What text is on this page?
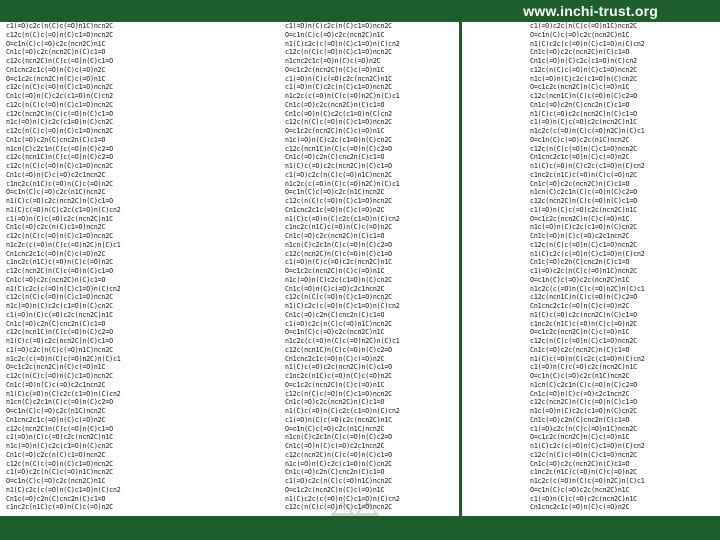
www.inchi-trust.org
c1(=O)c2c(n(C)c(=O)n1C)ncn2C
c12c(n(C)c(=O)n(C)c1=O)ncn2C
O=c1n(C)c(=O)c2c(ncn2C)n1C
Cn1c(=O)c2c(ncn2C)n(C)c1=O
c12c(ncn2C)n(C)c(=O)n(C)c1=O
Cn1cnc2c1c(=O)n(C)c(=O)n2C
O=c1c2c(ncn2C)n(C)c(=O)n1C
c12c(n(C)c(=O)n(C)c1=O)ncn2C
Cn1c(=O)n(C)c2c(c1=O)n(C)cn2
c12c(n(C)c(=O)n(C)c1=O)ncn2C
c12c(ncn2C)n(C)c(=O)n(C)c1=O
n1c(=O)n(C)c2c(c1=O)n(C)cn2C
c12c(n(C)c(=O)n(C)c1=O)ncn2C
Cn1c(=O)c2n(C)cnc2n(C)c1=O
n1cn(C)c2c1n(C)c(=O)n(C)c2=O
c12c(ncn1C)n(C)c(=O)n(C)c2=O
c12c(n(C)c(=O)n(C)c1=O)ncn2C
Cn1c(=O)n(C)c(=O)c2c1ncn2C
c1nc2c(n1C)c(=O)n(C)c(=O)n2C
O=c1n(C)c(=O)c2c(n1C)ncn2C
n1(C)c(=O)c2c(ncn2C)n(C)c1=O
n1(C)c(=O)n(C)c2c(c1=O)n(C)cn2
c1(=O)n(C)c(=O)c2c(ncn2C)n1C
Cn1c(=O)c2c(n(C)c1=O)ncn2C
c12c(n(C)c(=O)n(C)c1=O)ncn2C
n1c2c(c(=O)n(C)c(=O)n2C)n(C)c1
Cn1cnc2c1c(=O)n(C)c(=O)n2C
c1nc2c(n1C)c(=O)n(C)c(=O)n2C
c12c(ncn2C)n(C)c(=O)n(C)c1=O
Cn1c(=O)c2c(ncn2C)n(C)c1=O
n1(C)c2c(c(=O)n(C)c1=O)n(C)cn2
c12c(n(C)c(=O)n(C)c1=O)ncn2C
n1c(=O)n(C)c2c(c1=O)n(C)cn2C
c1(=O)n(C)c(=O)c2c(ncn2C)n1C
Cn1c(=O)c2n(C)cnc2n(C)c1=O
c12c(ncn1C)n(C)c(=O)n(C)c2=O
n1(C)c(=O)c2c(ncn2C)n(C)c1=O
c1(=O)c2c(n(C)c(=O)n1C)ncn2C
n1c2c(c(=O)n(C)c(=O)n2C)n(C)c1
O=c1c2c(ncn2C)n(C)c(=O)n1C
c12c(n(C)c(=O)n(C)c1=O)ncn2C
Cn1c(=O)n(C)c(=O)c2c1ncn2C
n1(C)c(=O)n(C)c2c(c1=O)n(C)cn2
n1cn(C)c2c1n(C)c(=O)n(C)c2=O
O=c1n(C)c(=O)c2c(n1C)ncn2C
Cn1cnc2c1c(=O)n(C)c(=O)n2C
c12c(ncn2C)n(C)c(=O)n(C)c1=O
c1(=O)n(C)c(=O)c2c(ncn2C)n1C
n1c(=O)n(C)c2c(c1=O)n(C)cn2C
Cn1c(=O)c2c(n(C)c1=O)ncn2C
c12c(n(C)c(=O)n(C)c1=O)ncn2C
c1(=O)c2c(n(C)c(=O)n1C)ncn2C
O=c1n(C)c(=O)c2c(ncn2C)n1C
n1(C)c2c(c(=O)n(C)c1=O)n(C)cn2
Cn1c(=O)c2n(C)cnc2n(C)c1=O
c1nc2c(n1C)c(=O)n(C)c(=O)n2C

c1(=O)n(C)c2c(n(C)c1=O)ncn2C
O=c1n(C)c(=O)c2c(ncn2C)n1C
n1(C)c2c(c(=O)n(C)c1=O)n(C)cn2
c12c(n(C)c(=O)n(C)c1=O)ncn2C
n1cnc2c1c(=O)n(C)c(=O)n2C
O=c1c2c(ncn2C)n(C)c(=O)n1C
c1(=O)n(C)c(=O)c2c(ncn2C)n1C
c1(=O)n(C)c2c(n(C)c1=O)ncn2C
n1c2c(c(=O)n(C)c(=O)n2C)n(C)c1
Cn1c(=O)c2c(ncn2C)n(C)c1=O
Cn1c(=O)n(C)c2c(c1=O)n(C)cn2
c12c(n(C)c(=O)n(C)c1=O)ncn2C
O=c1c2c(ncn2C)n(C)c(=O)n1C
n1c(=O)n(C)c2c(c1=O)n(C)cn2C
c12c(ncn1C)n(C)c(=O)n(C)c2=O
Cn1c(=O)c2n(C)cnc2n(C)c1=O
n1(C)c(=O)c2c(ncn2C)n(C)c1=O
c1(=O)c2c(n(C)c(=O)n1C)ncn2C
n1c2c(c(=O)n(C)c(=O)n2C)n(C)c1
O=c1n(C)c(=O)c2c(n1C)ncn2C
c12c(n(C)c(=O)n(C)c1=O)ncn2C
Cn1cnc2c1c(=O)n(C)c(=O)n2C
n1(C)c(=O)n(C)c2c(c1=O)n(C)cn2
c1nc2c(n1C)c(=O)n(C)c(=O)n2C
Cn1c(=O)c2c(ncn2C)n(C)c1=O
n1cn(C)c2c1n(C)c(=O)n(C)c2=O
c12c(ncn2C)n(C)c(=O)n(C)c1=O
c1(=O)n(C)c(=O)c2c(ncn2C)n1C
O=c1c2c(ncn2C)n(C)c(=O)n1C
n1c(=O)n(C)c2c(c1=O)n(C)cn2C
Cn1c(=O)n(C)c(=O)c2c1ncn2C
c12c(n(C)c(=O)n(C)c1=O)ncn2C
n1(C)c2c(c(=O)n(C)c1=O)n(C)cn2
Cn1c(=O)c2n(C)cnc2n(C)c1=O
c1(=O)c2c(n(C)c(=O)n1C)ncn2C
O=c1n(C)c(=O)c2c(ncn2C)n1C
n1c2c(c(=O)n(C)c(=O)n2C)n(C)c1
c12c(ncn1C)n(C)c(=O)n(C)c2=O
Cn1cnc2c1c(=O)n(C)c(=O)n2C
n1(C)c(=O)c2c(ncn2C)n(C)c1=O
c1nc2c(n1C)c(=O)n(C)c(=O)n2C
O=c1c2c(ncn2C)n(C)c(=O)n1C
c12c(n(C)c(=O)n(C)c1=O)ncn2C
Cn1c(=O)c2c(ncn2C)n(C)c1=O
n1(C)c(=O)n(C)c2c(c1=O)n(C)cn2
c1(=O)n(C)c(=O)c2c(ncn2C)n1C
O=c1n(C)c(=O)c2c(n1C)ncn2C
n1cn(C)c2c1n(C)c(=O)n(C)c2=O
Cn1c(=O)n(C)c(=O)c2c1ncn2C
c12c(ncn2C)n(C)c(=O)n(C)c1=O
n1c(=O)n(C)c2c(c1=O)n(C)cn2C
Cn1c(=O)c2n(C)cnc2n(C)c1=O
c1(=O)c2c(n(C)c(=O)n1C)ncn2C
O=c1c2c(ncn2C)n(C)c(=O)n1C
n1(C)c2c(c(=O)n(C)c1=O)n(C)cn2
c12c(n(C)c(=O)n(C)c1=O)ncn2C

c1(=O)c2c(n(C)c(=O)n1C)ncn2C
O=c1n(C)c(=O)c2c(ncn2C)n1C
n1(C)c2c(c(=O)n(C)c1=O)n(C)cn2
Cn1c(=O)c2c(ncn2C)n(C)c1=O
Cn1c(=O)n(C)c2c(c1=O)n(C)cn2
c12c(n(C)c(=O)n(C)c1=O)ncn2C
n1c(=O)n(C)c2c(c1=O)n(C)cn2C
O=c1c2c(ncn2C)n(C)c(=O)n1C
c12c(ncn1C)n(C)c(=O)n(C)c2=O
Cn1c(=O)c2n(C)cnc2n(C)c1=O
n1(C)c(=O)c2c(ncn2C)n(C)c1=O
c1(=O)n(C)c(=O)c2c(ncn2C)n1C
n1c2c(c(=O)n(C)c(=O)n2C)n(C)c1
O=c1n(C)c(=O)c2c(n1C)ncn2C
c12c(n(C)c(=O)n(C)c1=O)ncn2C
Cn1cnc2c1c(=O)n(C)c(=O)n2C
n1(C)c(=O)n(C)c2c(c1=O)n(C)cn2
c1nc2c(n1C)c(=O)n(C)c(=O)n2C
Cn1c(=O)c2c(ncn2C)n(C)c1=O
n1cn(C)c2c1n(C)c(=O)n(C)c2=O
c12c(ncn2C)n(C)c(=O)n(C)c1=O
c1(=O)n(C)c(=O)c2c(ncn2C)n1C
O=c1c2c(ncn2C)n(C)c(=O)n1C
n1c(=O)n(C)c2c(c1=O)n(C)cn2C
Cn1c(=O)n(C)c(=O)c2c1ncn2C
c12c(n(C)c(=O)n(C)c1=O)ncn2C
n1(C)c2c(c(=O)n(C)c1=O)n(C)cn2
Cn1c(=O)c2n(C)cnc2n(C)c1=O
c1(=O)c2c(n(C)c(=O)n1C)ncn2C
O=c1n(C)c(=O)c2c(ncn2C)n1C
n1c2c(c(=O)n(C)c(=O)n2C)n(C)c1
c12c(ncn1C)n(C)c(=O)n(C)c2=O
Cn1cnc2c1c(=O)n(C)c(=O)n2C
n1(C)c(=O)c2c(ncn2C)n(C)c1=O
c1nc2c(n1C)c(=O)n(C)c(=O)n2C
O=c1c2c(ncn2C)n(C)c(=O)n1C
c12c(n(C)c(=O)n(C)c1=O)ncn2C
Cn1c(=O)c2c(ncn2C)n(C)c1=O
n1(C)c(=O)n(C)c2c(c1=O)n(C)cn2
c1(=O)n(C)c(=O)c2c(ncn2C)n1C
O=c1n(C)c(=O)c2c(n1C)ncn2C
n1cn(C)c2c1n(C)c(=O)n(C)c2=O
Cn1c(=O)n(C)c(=O)c2c1ncn2C
c12c(ncn2C)n(C)c(=O)n(C)c1=O
n1c(=O)n(C)c2c(c1=O)n(C)cn2C
Cn1c(=O)c2n(C)cnc2n(C)c1=O
c1(=O)c2c(n(C)c(=O)n1C)ncn2C
O=c1c2c(ncn2C)n(C)c(=O)n1C
n1(C)c2c(c(=O)n(C)c1=O)n(C)cn2
c12c(n(C)c(=O)n(C)c1=O)ncn2C
Cn1c(=O)c2c(ncn2C)n(C)c1=O
c1nc2c(n1C)c(=O)n(C)c(=O)n2C
n1c2c(c(=O)n(C)c(=O)n2C)n(C)c1
O=c1n(C)c(=O)c2c(ncn2C)n1C
c1(=O)n(C)c(=O)c2c(ncn2C)n1C
Cn1cnc2c1c(=O)n(C)c(=O)n2C
